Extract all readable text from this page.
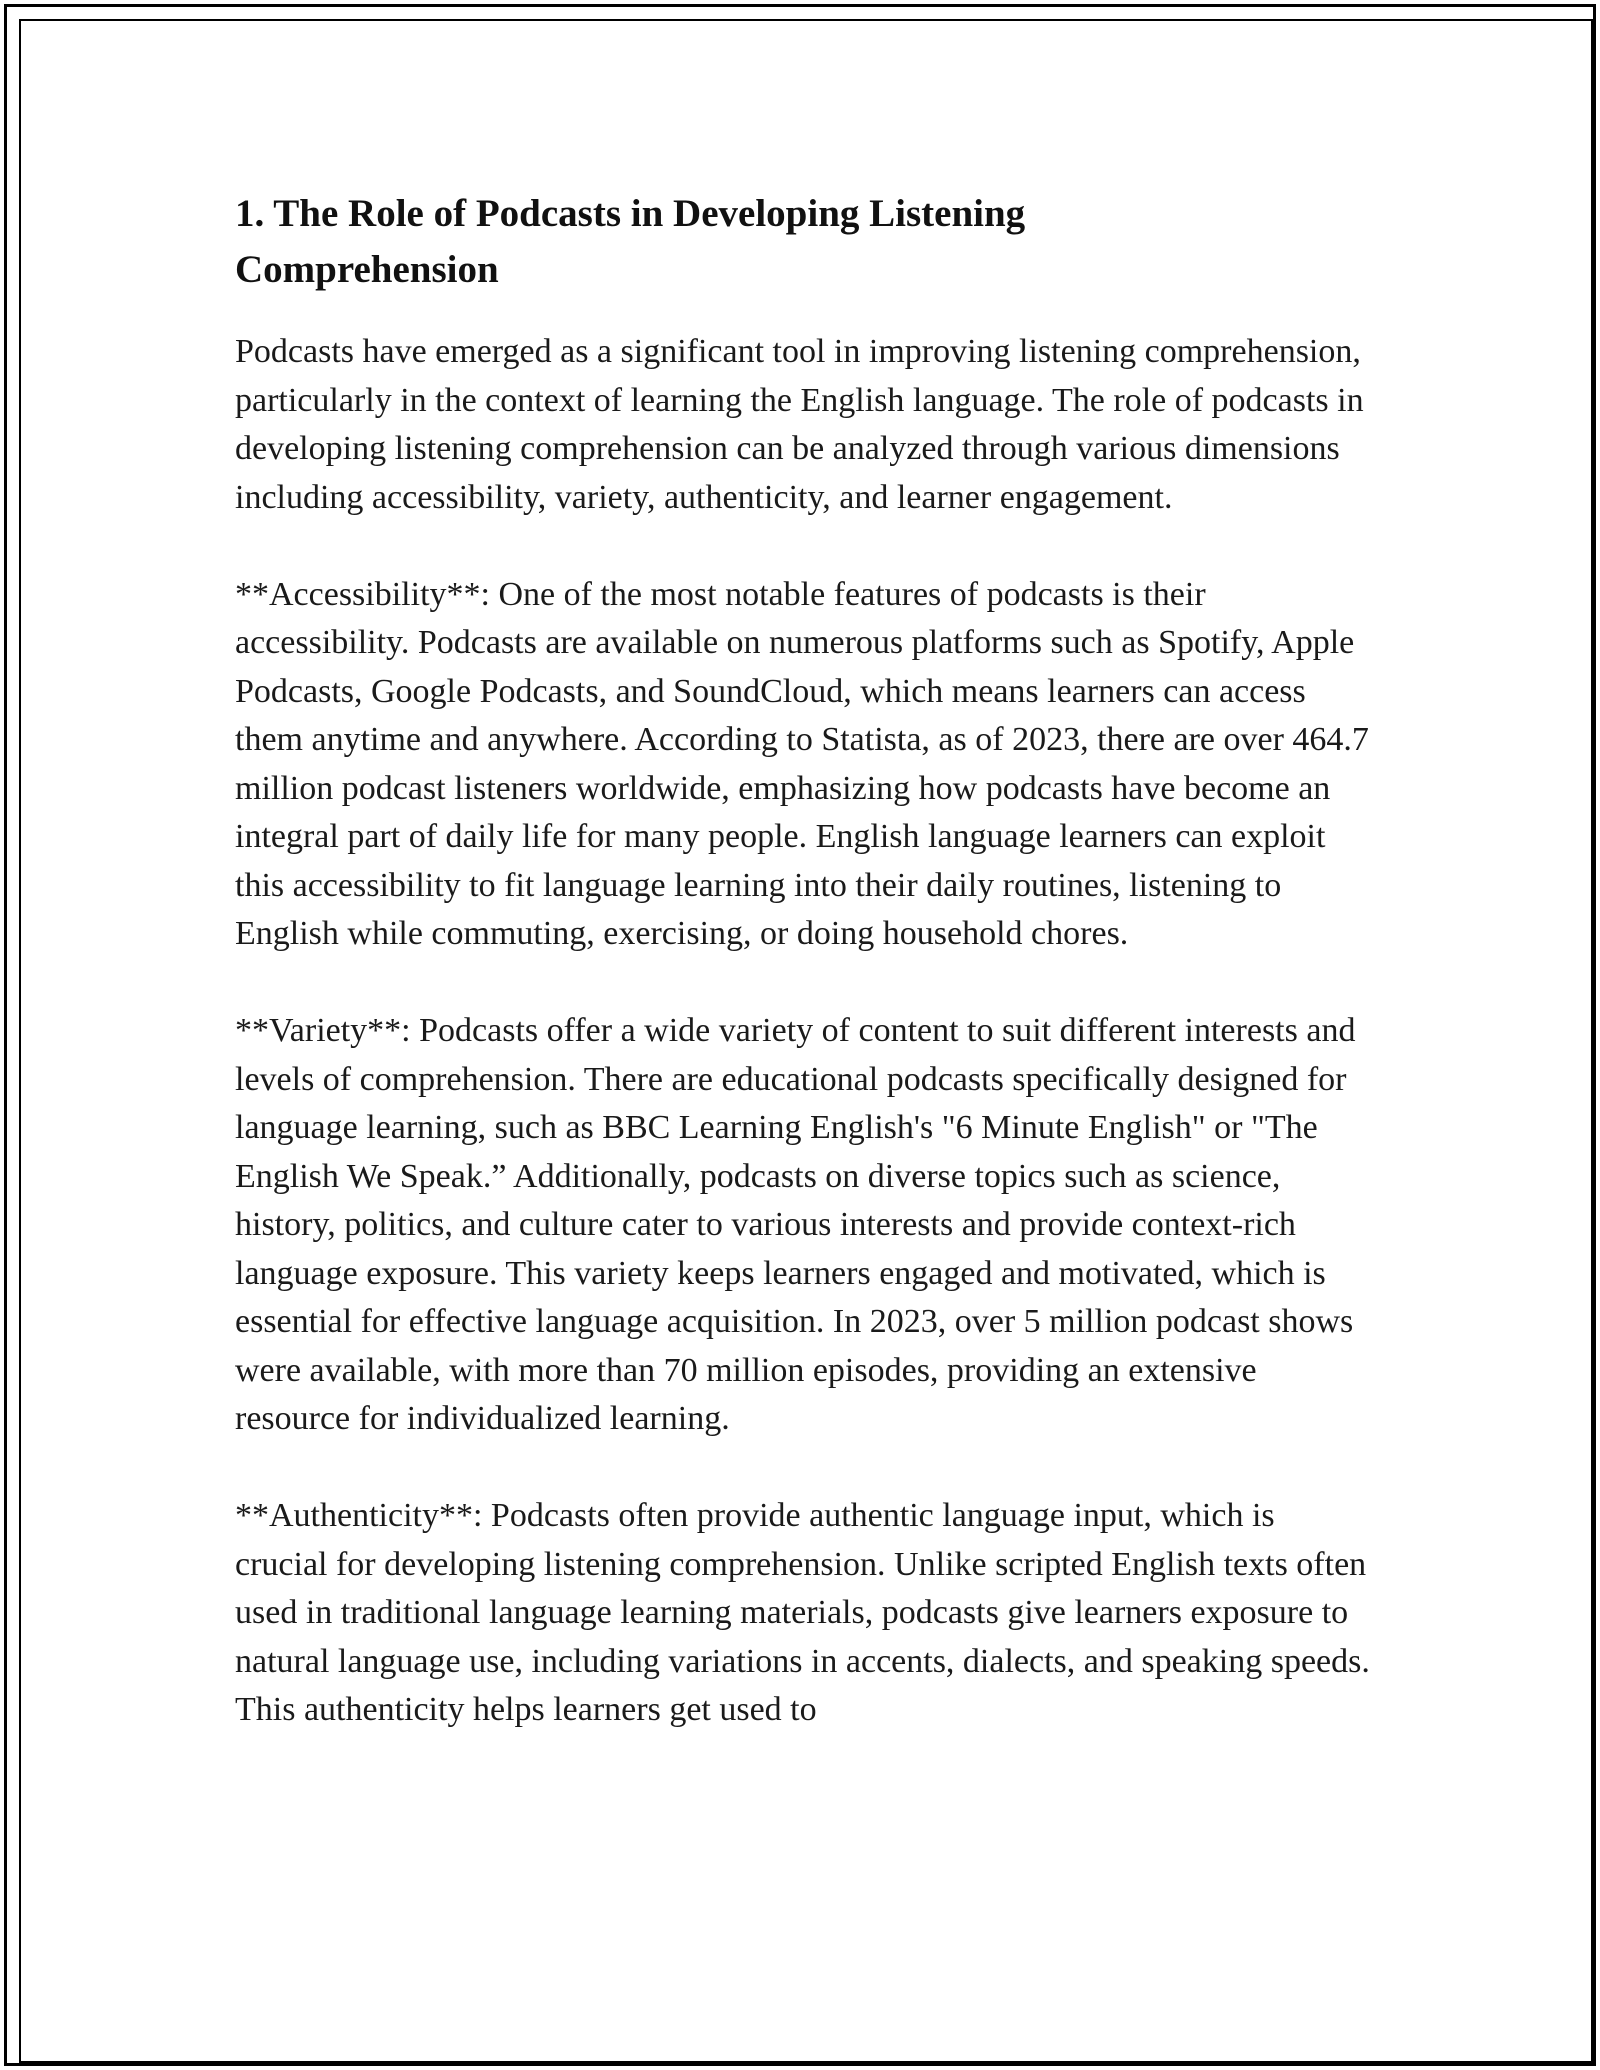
1. The Role of Podcasts in Developing Listening Comprehension

Podcasts have emerged as a significant tool in improving listening comprehension, particularly in the context of learning the English language. The role of podcasts in developing listening comprehension can be analyzed through various dimensions including accessibility, variety, authenticity, and learner engagement.

**Accessibility**: One of the most notable features of podcasts is their accessibility. Podcasts are available on numerous platforms such as Spotify, Apple Podcasts, Google Podcasts, and SoundCloud, which means learners can access them anytime and anywhere. According to Statista, as of 2023, there are over 464.7 million podcast listeners worldwide, emphasizing how podcasts have become an integral part of daily life for many people. English language learners can exploit this accessibility to fit language learning into their daily routines, listening to English while commuting, exercising, or doing household chores.

**Variety**: Podcasts offer a wide variety of content to suit different interests and levels of comprehension. There are educational podcasts specifically designed for language learning, such as BBC Learning English's "6 Minute English" or "The English We Speak.” Additionally, podcasts on diverse topics such as science, history, politics, and culture cater to various interests and provide context-rich language exposure. This variety keeps learners engaged and motivated, which is essential for effective language acquisition. In 2023, over 5 million podcast shows were available, with more than 70 million episodes, providing an extensive resource for individualized learning.

**Authenticity**: Podcasts often provide authentic language input, which is crucial for developing listening comprehension. Unlike scripted English texts often used in traditional language learning materials, podcasts give learners exposure to natural language use, including variations in accents, dialects, and speaking speeds. This authenticity helps learners get used to
